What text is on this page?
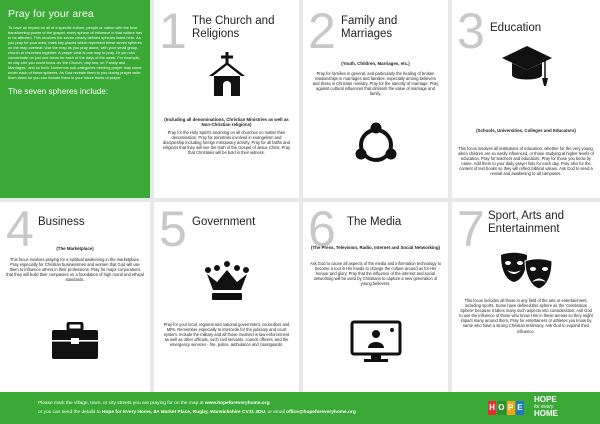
Pray for your area

To have an impact on all of a specific culture, people or nation with the total transforming power of the gospel, every sphere of influence in that culture has to be affected. This involves the seven clearly defined spheres listed here. As you pray for your area, mark key places which represent these seven spheres on the map overleaf. Use the map as you pray alone, with your small group, church or churches together. A prayer walk is one way to pray. Or you can concentrate on just one focus for each of the days of the week. For example, on day one you could focus on 'the Church,' day two, on 'Family and Marriages,' and so forth. Numerous sub-categories needing prayer may come under each of these spheres. As God reveals them to you during prayer write them down so you can include them in your future times of prayer.

The seven spheres include:
1 The Church and Religions
(Including all denominations, Christian Ministries as well as Non-Christian religions)
Pray for the Holy Spirit's anointing on all churches no matter their denomination. Pray for ministries involved in evangelism and discipleship including foreign missionary activity. Pray for all faiths and religions that they will see the truth of the Gospel of Jesus Christ. Pray that Christians will be bold in their witness.
2 Family and Marriages
(Youth, Children, Marriages, etc.)
Pray for families in general, and particularly the healing of broken relationships in marriages and families, especially among believers and those in Christian ministry. Pray for the sanctity of marriage. Pray against cultural influences that diminish the value of marriage and family.
3 Education
(Schools, Universities, Colleges and Educators)
This focus involves all institutions of education, whether for the very young, when children are so easily influenced, or those studying at higher levels of education. Pray for teachers and educators. Pray for those you know by name. Add them to your daily prayer lists for each day. Pray also for the content of text books so they will reflect biblical values. Ask God to send a revival and awakening to all campuses.
4 Business
(The Marketplace)
This focus involves praying for a spiritual awakening in the marketplace. Pray especially for Christian businessmen and women that God will use them to influence others in their professions. Pray for major corporations that they will build their companies on a foundation of high moral and ethical standards.
5 Government
Pray for your local, regional and national government, councillors and MPs. Remember especially to intercede for the judiciary and court system. Include the military and all those involved in law enforcement as well as other officials, such civil servants, council officers, and the emergency services - fire, police, ambulance and coastguards.
6 The Media
(The Press, Television, Radio, Internet and Social Networking)
Ask God to cause all aspects of the media and information technology to become a tool in His hands to change the culture around us for His honour and glory. Pray that the influence of the internet and social networking will be used by Christians to capture a new generation of young believers.
7 Sport, Arts and Entertainment
This focus includes all those in any field of the arts or entertainment, including sports. Some have defined this sphere as the 'Celebration Sphere' because it takes many such aspects into consideration. Ask God to use the influence of those who know Him in these arenas so they might impact many around them. Pray for entertainers or athletes you know by name who have a strong Christian testimony. Ask God to expand their influence.
Please mark the village, town, or city streets you are praying for on the map at www.hopeforeveryhome.org
or you can send the details to Hope for Every Home, 8A Market Place, Rugby, Warwickshire CV21 3DU, or email office@hopeforeveryhome.org
H O P E
HOPE
for every
HOME
